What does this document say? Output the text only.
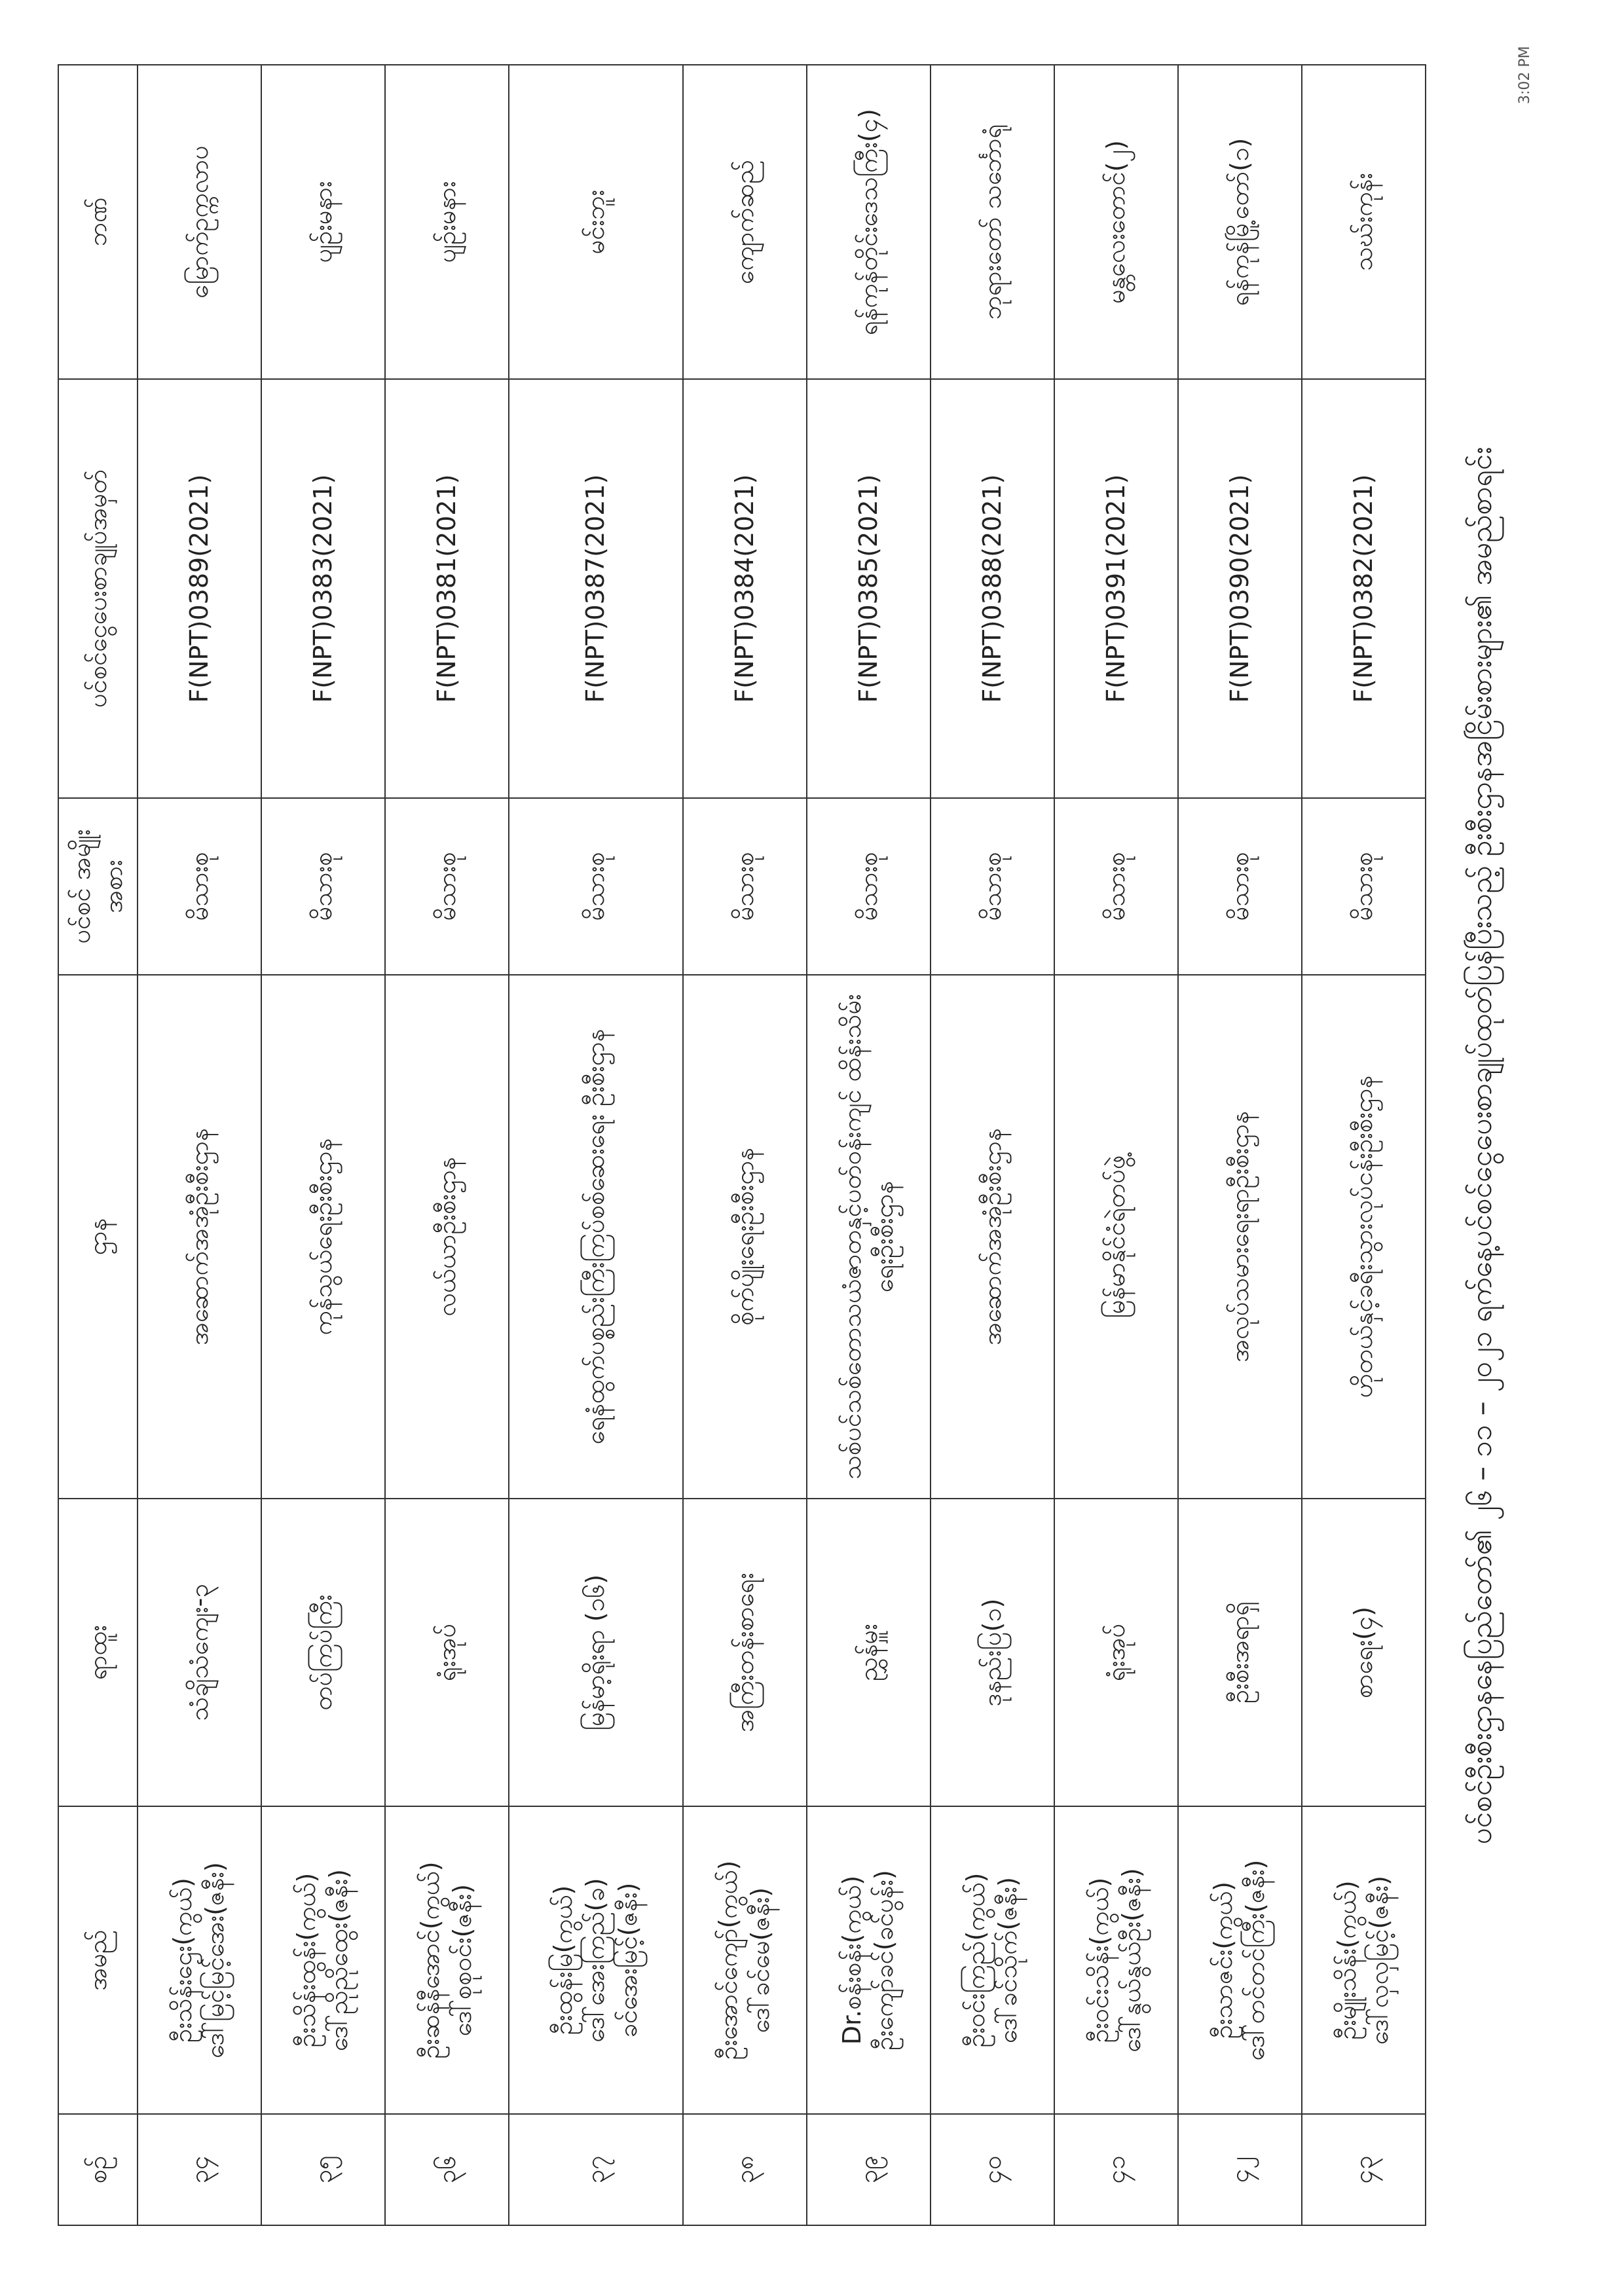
3:02 PM
ပင်စင်ဦးစီးဌာနနေပြည်တော်၏ ၂၆ – ၁၁ – ၂၀၂၁ ရက်နေ့ပင်စင်ငွေပေးစာချုပ်ထုတ်ပြန်ပြီးသည့် ဦးစီးဌာနအငြိမ်းစားများ၏ အမည်စာရင်း
စဉ်	အမည်	ရာထူး	ဌာန	ပင်စင် အမျိုးအစား	ပင်စင်ငွေပေးစာချုပ်အမှတ်	ဘဏ်
၃၄	ဦးသိန်းဌေး(ကွယ်) ဒေါ်မြင့်မြင့်အေး(ဇနီး)	သံချိသံကျေး-၃	အဆောက်အအုံဦးစီးဌာန	မိသားစု	F(NPT)0389(2021)	မြောက်ဥက္ကလာပ
၃၅	ဦးသိန်းထွန်း(ကွယ်) ဒေါ်ညိုညိုထွေး(ဇနီး)	တပ်ကြပ်ကြီး	ကုန်သွယ်ရေးဦးစီးဌာန	မိသားစု	F(NPT)0383(2021)	ပျဉ်းမနား
၃၆	ဦးဆန်နီအောင်(ကွယ်) ဒေါ်စုစုဝင်း(ဇနီး)	ရုံးအုပ်	လယ်ယာဦးစီးဌာန	မိသားစု	F(NPT)0381(2021)	ပျဉ်းမနား
၃၇	ဦးထွန်းမြ(ကွယ်) ဒေါ်အေးကြည်(ခ) ခင်အေးမြင့်(ဇနီး)	မြန်မာ့ရိုးရာ (၁၆)	ရေနံထွက်ပစ္စည်းကြီးကြပ်စစ်ဆေးရေး ဦးစီးဌာန	မိသားစု	F(NPT)0387(2021)	မင်းဘူး
၃၈	ဦးအောင်ကျော်(ကွယ်) ဒေါ်ခင်မေ(ဇနီး)	အကြီးတန်းစာရေး	စိုက်ပျိုးရေးဦးစီးဌာန	မိသားစု	F(NPT)0384(2021)	ကျောက်ဆည်
၃၉	Dr.စန်းစန်း(ကွယ်) ဦးကျော်ခင်(ခင်ပွန်း)	ညွှန်မှူး	သစ်ပင်သစ်တောသယံဇာတနှင့်ပတ်ဝန်းကျင် ထိန်းသိမ်းရေးဦးစီးဌာန	မိသားစု	F(NPT)0385(2021)	ရန်ကုန်တိုင်းဒေသကြီး(၄)
၄၀	ဦးဝင်းကြည်(ကွယ်) ဒေါ်ခင်သိုက်(ဇနီး)	ဒုနည်းပြ(၁)	အဆောက်အအုံဦးစီးဌာန	မိသားစု	F(NPT)0388(2021)	ဘုရားတော် သင်္ဘောရုံ
၄၁	ဦးဝင်းသိန်း(ကွယ်) ဒေါ်နွယ်နွယ်ဦး(ဇနီး)	ရုံးအုပ်	မြန်မာနိုင်ငံရဲတပ်ဖွဲ့	မိသားစု	F(NPT)0391(2021)	မန္တလေးတောင်(၂)
၄၂	ဦးသာဇင်း(ကွယ်) ဒေါ်တင်တင်ကြီး(ဇနီး)	ဦးစီးအရာရှိ	အလုပ်သမားရေးရာဦးစီးဌာန	မိသားစု	F(NPT)0390(2021)	ရန်ကုန်မြို့တော်(၁)
၄၃	ဦးမျိုးသိန်း(ကွယ်) ဒေါ်လှလှမြင့်(ဇနီး)	စာရေး(၄)	ဟိုတယ်နှင့်ခရီးသွားလုပ်ငန်းဦးစီးဌာန	မိသားစု	F(NPT)0382(2021)	သဃ်းကုန်း
